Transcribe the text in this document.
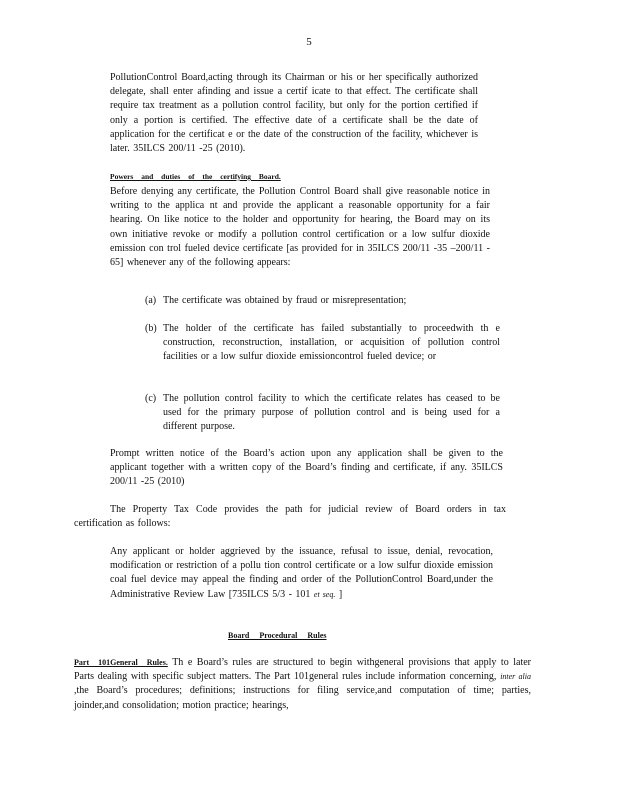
5

PollutionControl Board,acting through its Chairman or his or her specifically authorized delegate, shall enter afinding and issue a certif icate to that effect. The certificate shall require tax treatment as a pollution control facility, but only for the portion certified if only a portion is certified. The effective date of a certificate shall be the date of application for the certificat e or the date of the construction of the facility, whichever is later. 35ILCS 200/11 -25 (2010).

Powers and duties of the certifying Board.

Before denying any certificate, the Pollution Control Board shall give reasonable notice in writing to the applica nt and provide the applicant a reasonable opportunity for a fair hearing. On like notice to the holder and opportunity for hearing, the Board may on its own initiative revoke or modify a pollution control certification or a low sulfur dioxide emission con trol fueled device certificate [as provided for in 35ILCS 200/11 -35 –200/11 - 65] whenever any of the following appears:

(a) The certificate was obtained by fraud or misrepresentation;

(b) The holder of the certificate has failed substantially to proceedwith th e construction, reconstruction, installation, or acquisition of pollution control facilities or a low sulfur dioxide emissioncontrol fueled device; or

(c) The pollution control facility to which the certificate relates has ceased to be used for the primary purpose of pollution control and is being used for a different purpose.

Prompt written notice of the Board’s action upon any application shall be given to the applicant together with a written copy of the Board’s finding and certificate, if any. 35ILCS 200/11 -25 (2010)

The Property Tax Code provides the path for judicial review of Board orders in tax certification as follows:

Any applicant or holder aggrieved by the issuance, refusal to issue, denial, revocation, modification or restriction of a pollu tion control certificate or a low sulfur dioxide emission coal fuel device may appeal the finding and order of the PollutionControl Board,under the Administrative Review Law [735ILCS 5/3 - 101 et seq. ]

Board Procedural Rules

Part 101General Rules. Th e Board’s rules are structured to begin withgeneral provisions that apply to later Parts dealing with specific subject matters. The Part 101general rules include information concerning, inter alia ,the Board’s procedures; definitions; instructions for filing service,and computation of time; parties, joinder,and consolidation; motion practice; hearings,
